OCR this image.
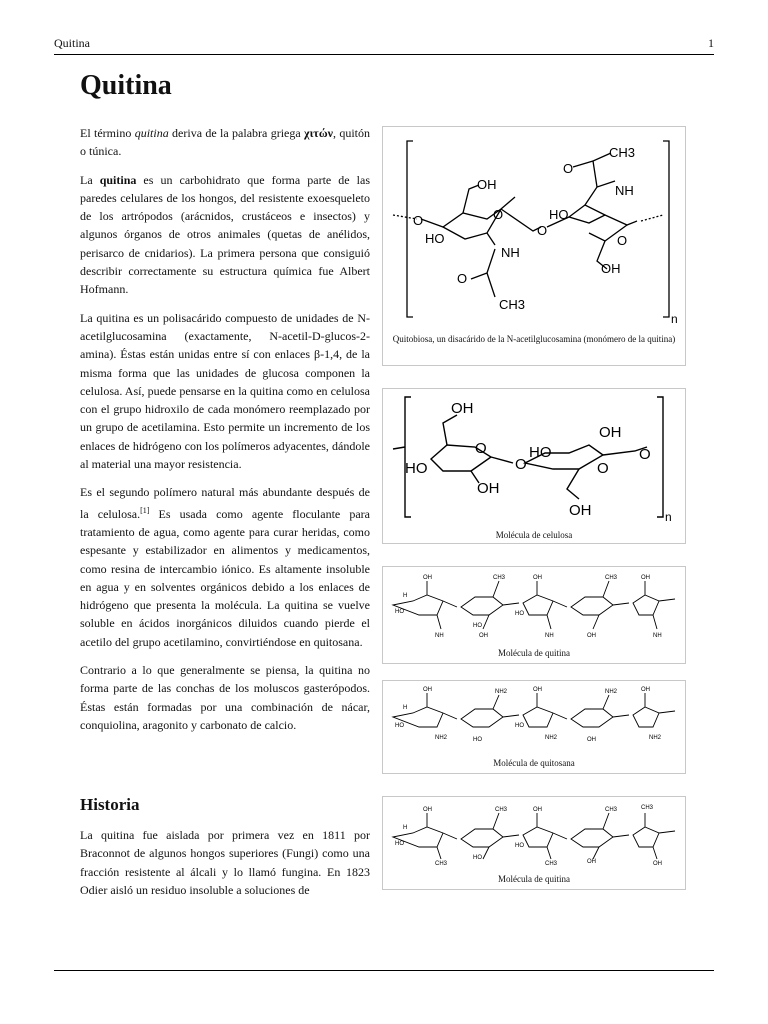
Quitina	1
Quitina

El término quitina deriva de la palabra griega χιτών, quitón o túnica.

La quitina es un carbohidrato que forma parte de las paredes celulares de los hongos, del resistente exoesqueleto de los artrópodos (arácnidos, crustáceos e insectos) y algunos órganos de otros animales (quetas de anélidos, perisarco de cnidarios). La primera persona que consiguió describir correctamente su estructura química fue Albert Hofmann.

La quitina es un polisacárido compuesto de unidades de N-acetilglucosamina (exactamente, N-acetil-D-glucos-2-amina). Éstas están unidas entre sí con enlaces β-1,4, de la misma forma que las unidades de glucosa componen la celulosa. Así, puede pensarse en la quitina como en celulosa con el grupo hidroxilo de cada monómero reemplazado por un grupo de acetilamina. Esto permite un incremento de los enlaces de hidrógeno con los polímeros adyacentes, dándole al material una mayor resistencia.

Es el segundo polímero natural más abundante después de la celulosa.[1] Es usada como agente floculante para tratamiento de agua, como agente para curar heridas, como espesante y estabilizador en alimentos y medicamentos, como resina de intercambio iónico. Es altamente insoluble en agua y en solventes orgánicos debido a los enlaces de hidrógeno que presenta la molécula. La quitina se vuelve soluble en ácidos inorgánicos diluidos cuando pierde el acetilo del grupo acetilamino, convirtiéndose en quitosana.

Contrario a lo que generalmente se piensa, la quitina no forma parte de las conchas de los moluscos gasterópodos. Éstas están formadas por una combinación de nácar, conquiolina, aragonito y carbonato de calcio.

Historia

La quitina fue aislada por primera vez en 1811 por Braconnot de algunos hongos superiores (Fungi) como una fracción resistente al álcali y lo llamó fungina. En 1823 Odier aisló un residuo insoluble a soluciones de

CH3
O
NH
OH
O	HO
O
O
O
HO
NH
OH
O
CH3
n
Quitobiosa, un disacárido de la N-acetilglucosamina (monómero de la quitina)
OH
OH
O	HO	O
HO	O	O
OH
OH	n
Molécula de celulosa
H
OH
HO
NH
CH3
HO
OH
OH
HO
NH
CH3
OH
OH
NH
Molécula de quitina
H
OH
HO
NH2
NH2
HO
OH
HO
NH2
NH2
OH
OH
NH2
Molécula de quitosana
H
OH
HO
CH3
CH3
HO
OH
HO
CH3
CH3
OH
CH3
OH
Molécula de quitina
